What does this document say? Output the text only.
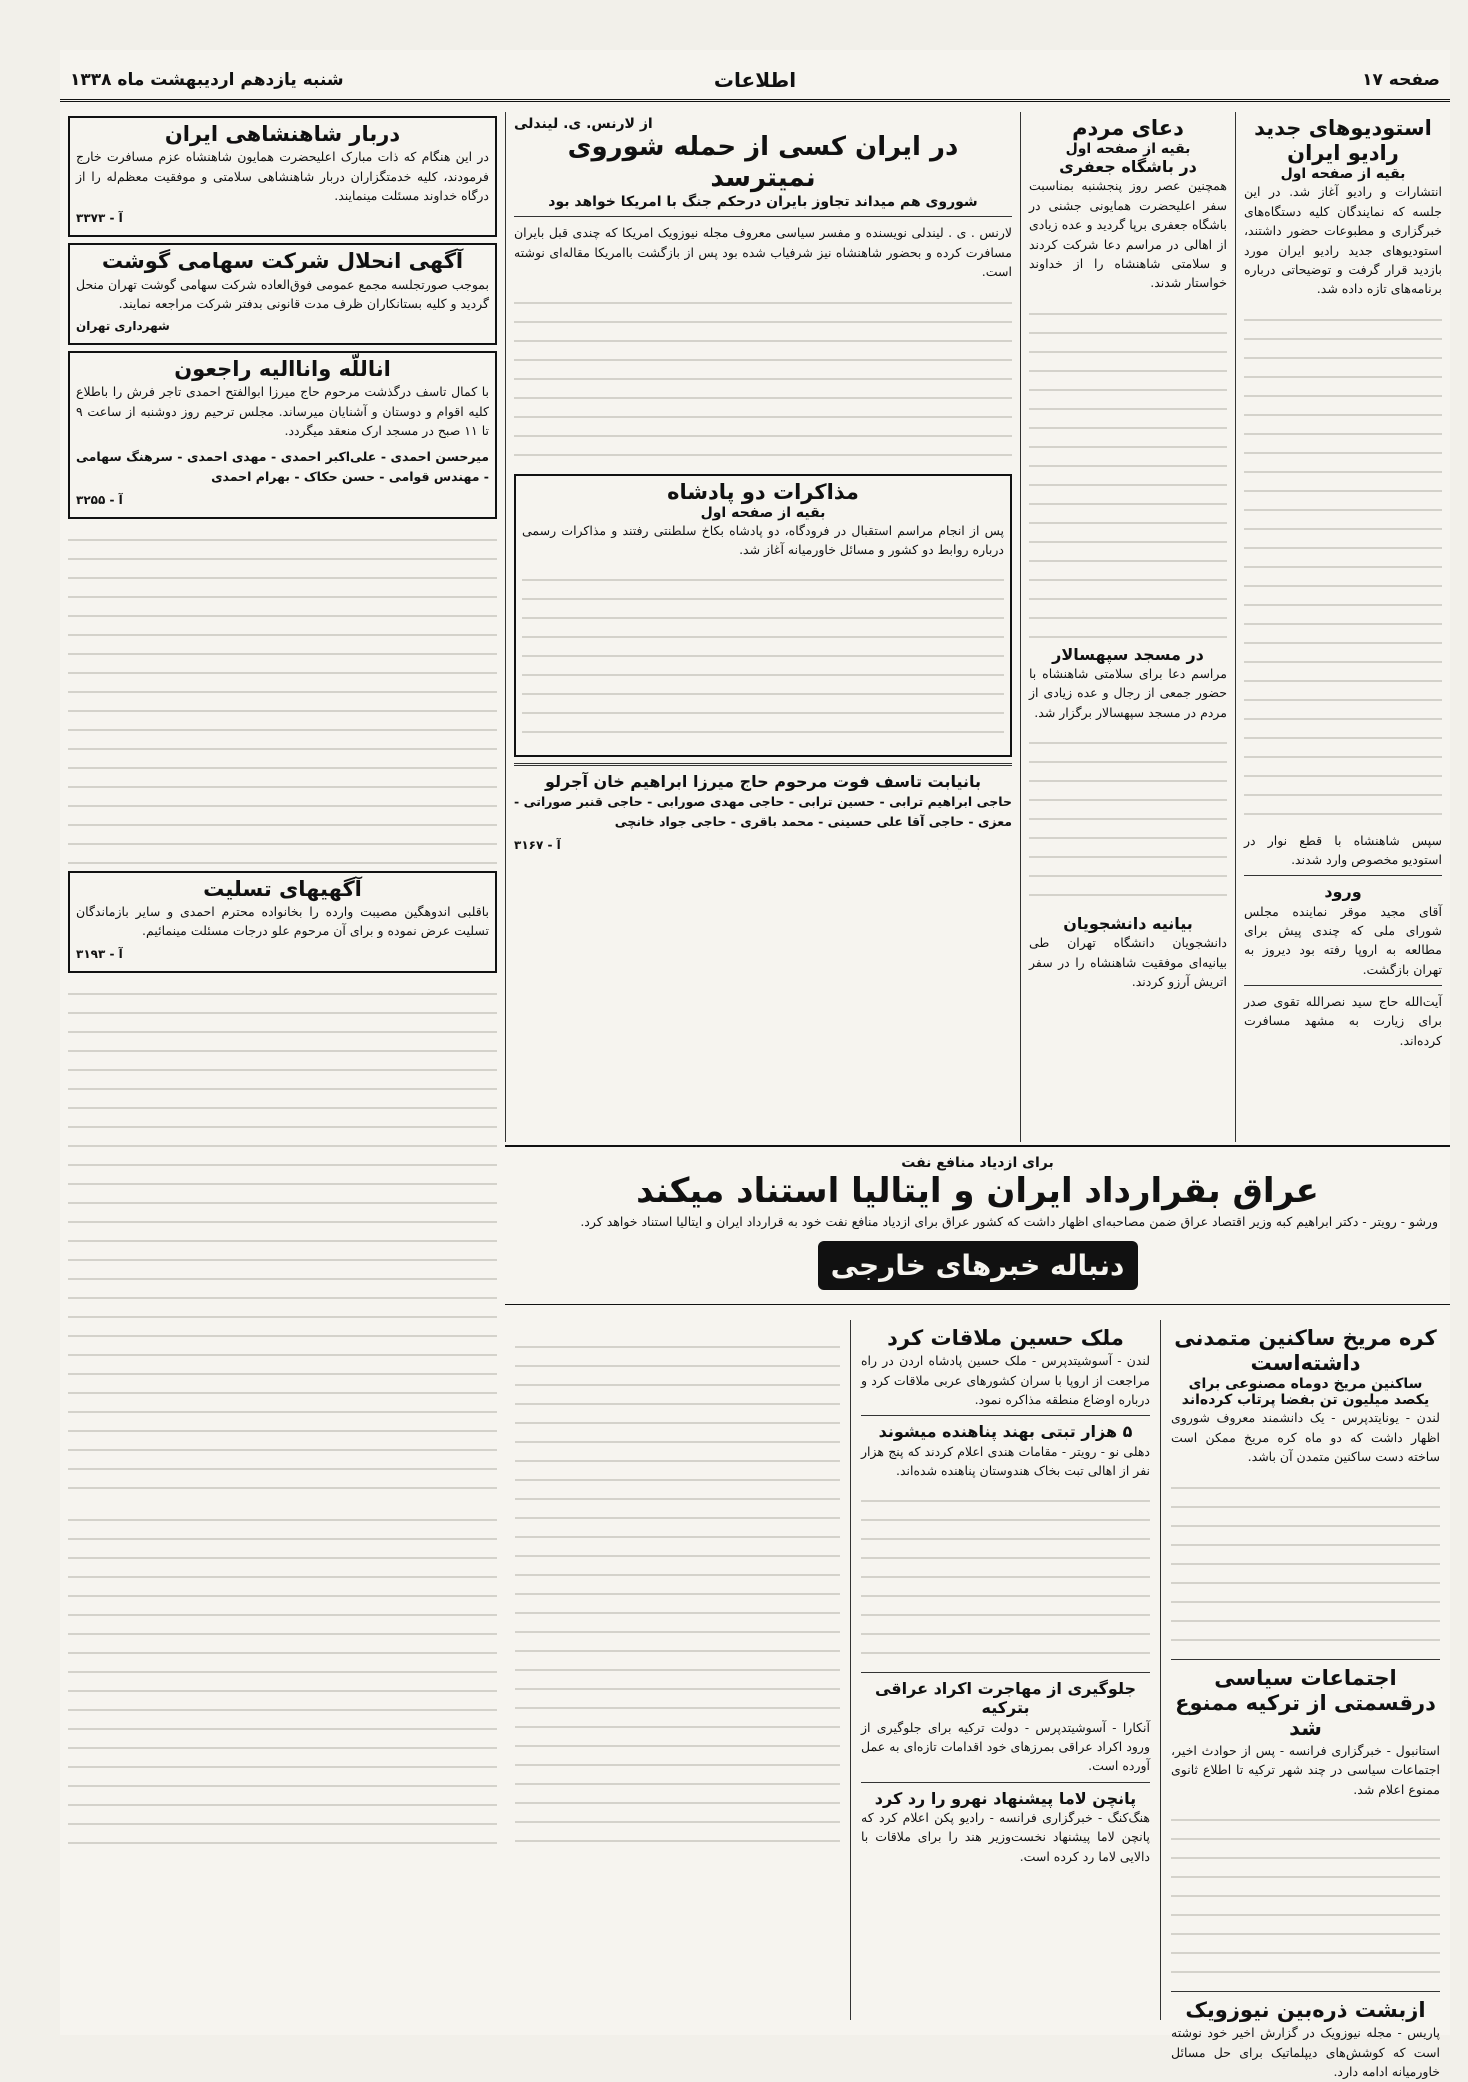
صفحه ۱۷
اطلاعات
شنبه یازدهم اردیبهشت ماه ۱۳۳۸
استودیوهای جدید رادیو ایران
بقیه از صفحه اول

انتشارات و رادیو آغاز شد. در این جلسه که نمایندگان کلیه دستگاه‌های خبرگزاری و مطبوعات حضور داشتند، استودیوهای جدید رادیو ایران مورد بازدید قرار گرفت و توضیحاتی درباره برنامه‌های تازه داده شد.

سپس شاهنشاه با قطع نوار در استودیو مخصوص وارد شدند.

ورود

آقای مجید موقر نماینده مجلس شورای ملی که چندی پیش برای مطالعه به اروپا رفته بود دیروز به تهران بازگشت.

آیت‌الله حاج سید نصرالله تقوی صدر برای زیارت به مشهد مسافرت کرده‌اند.

دعای مردم
بقیه از صفحه اول
در باشگاه جعفری

همچنین عصر روز پنجشنبه بمناسبت سفر اعلیحضرت همایونی جشنی در باشگاه جعفری برپا گردید و عده زیادی از اهالی در مراسم دعا شرکت کردند و سلامتی شاهنشاه را از خداوند خواستار شدند.

در مسجد سپهسالار

مراسم دعا برای سلامتی شاهنشاه با حضور جمعی از رجال و عده زیادی از مردم در مسجد سپهسالار برگزار شد.

بیانیه دانشجویان

دانشجویان دانشگاه تهران طی بیانیه‌ای موفقیت شاهنشاه را در سفر اتریش آرزو کردند.

از لارنس. ی. لیندلی
در ایران کسی از حمله شوروی نمیترسد
شوروی هم میداند تجاوز بایران درحکم جنگ با امریکا خواهد بود

لارنس . ی . لیندلی نویسنده و مفسر سیاسی معروف مجله نیوزویک امریکا که چندی قبل بایران مسافرت کرده و بحضور شاهنشاه نیز شرفیاب شده بود پس از بازگشت باامریکا مقاله‌ای نوشته است.

مذاکرات دو پادشاه
بقیه از صفحه اول

پس از انجام مراسم استقبال در فرودگاه، دو پادشاه بکاخ سلطنتی رفتند و مذاکرات رسمی درباره روابط دو کشور و مسائل خاورمیانه آغاز شد.

بانیابت تاسف فوت مرحوم حاج میرزا ابراهیم خان آجرلو
حاجی ابراهیم ترابی - حسین ترابی - حاجی مهدی صورابی - حاجی قنبر صوراتی - معزی - حاجی آقا علی حسینی - محمد باقری - حاجی جواد خانچی
آ - ۳۱۶۷
دربار شاهنشاهی ایران

در این هنگام که ذات مبارک اعلیحضرت همایون شاهنشاه عزم مسافرت خارج فرمودند، کلیه خدمتگزاران دربار شاهنشاهی سلامتی و موفقیت معظم‌له را از درگاه خداوند مسئلت مینمایند.

آ - ۳۳۷۳
آگهی انحلال شرکت سهامی گوشت

بموجب صورتجلسه مجمع عمومی فوق‌العاده شرکت سهامی گوشت تهران منحل گردید و کلیه بستانکاران ظرف مدت قانونی بدفتر شرکت مراجعه نمایند.

شهرداری تهران
اناللّه واناالیه راجعون

با کمال تاسف درگذشت مرحوم حاج میرزا ابوالفتح احمدی تاجر فرش را باطلاع کلیه اقوام و دوستان و آشنایان میرساند. مجلس ترحیم روز دوشنبه از ساعت ۹ تا ۱۱ صبح در مسجد ارک منعقد میگردد.

میرحسن احمدی - علی‌اکبر احمدی - مهدی احمدی - سرهنگ سهامی - مهندس قوامی - حسن حکاک - بهرام احمدی
آ - ۳۲۵۵
آگهیهای تسلیت

باقلبی اندوهگین مصیبت وارده را بخانواده محترم احمدی و سایر بازماندگان تسلیت عرض نموده و برای آن مرحوم علو درجات مسئلت مینمائیم.

آ - ۳۱۹۳
برای ازدیاد منافع نفت
عراق بقرارداد ایران و ایتالیا استناد میکند

ورشو - رویتر - دکتر ابراهیم کبه وزیر اقتصاد عراق ضمن مصاحبه‌ای اظهار داشت که کشور عراق برای ازدیاد منافع نفت خود به قرارداد ایران و ایتالیا استناد خواهد کرد.

دنباله خبرهای خارجی
کره مریخ ساکنین متمدنی داشته‌است
ساکنین مریخ دوماه مصنوعی برای یکصد میلیون تن بفضا پرتاب کرده‌اند

لندن - یونایتدپرس - یک دانشمند معروف شوروی اظهار داشت که دو ماه کره مریخ ممکن است ساخته دست ساکنین متمدن آن باشد.

اجتماعات سیاسی درقسمتی از ترکیه ممنوع شد

استانبول - خبرگزاری فرانسه - پس از حوادث اخیر، اجتماعات سیاسی در چند شهر ترکیه تا اطلاع ثانوی ممنوع اعلام شد.

ازبشت ذره‌بین نیوزویک

پاریس - مجله نیوزویک در گزارش اخیر خود نوشته است که کوشش‌های دیپلماتیک برای حل مسائل خاورمیانه ادامه دارد.

ملک حسین ملاقات کرد

لندن - آسوشیتدپرس - ملک حسین پادشاه اردن در راه مراجعت از اروپا با سران کشورهای عربی ملاقات کرد و درباره اوضاع منطقه مذاکره نمود.

۵ هزار تبتی بهند پناهنده میشوند

دهلی نو - رویتر - مقامات هندی اعلام کردند که پنج هزار نفر از اهالی تبت بخاک هندوستان پناهنده شده‌اند.

جلوگیری از مهاجرت اکراد عراقی بترکیه

آنکارا - آسوشیتدپرس - دولت ترکیه برای جلوگیری از ورود اکراد عراقی بمرزهای خود اقدامات تازه‌ای به عمل آورده است.

پانچن لاما پیشنهاد نهرو را رد کرد

هنگ‌کنگ - خبرگزاری فرانسه - رادیو پکن اعلام کرد که پانچن لاما پیشنهاد نخست‌وزیر هند را برای ملاقات با دالایی لاما رد کرده است.
